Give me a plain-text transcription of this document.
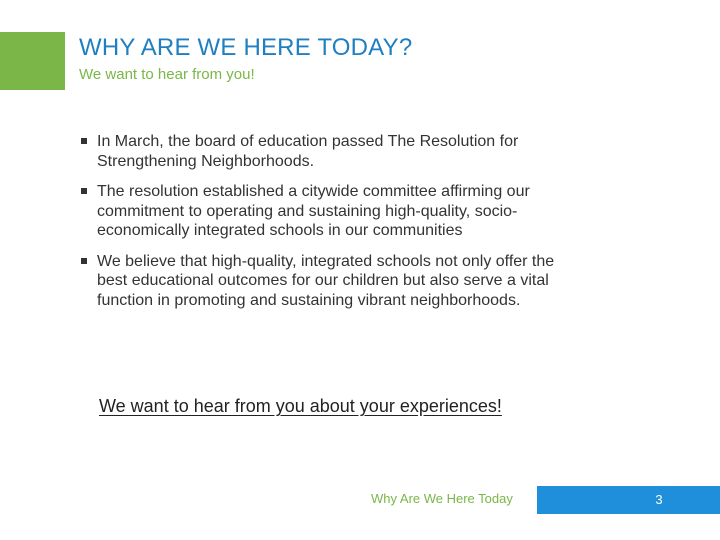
WHY ARE WE HERE TODAY?
We want to hear from you!
In March, the board of education passed The Resolution for Strengthening Neighborhoods.
The resolution established a citywide committee affirming our commitment to operating and sustaining high-quality, socio-economically integrated schools in our communities
We believe that high-quality, integrated schools not only offer the best educational outcomes for our children but also serve a vital function in promoting and sustaining vibrant neighborhoods.
We want to hear from you about your experiences!
Why Are We Here Today	3
